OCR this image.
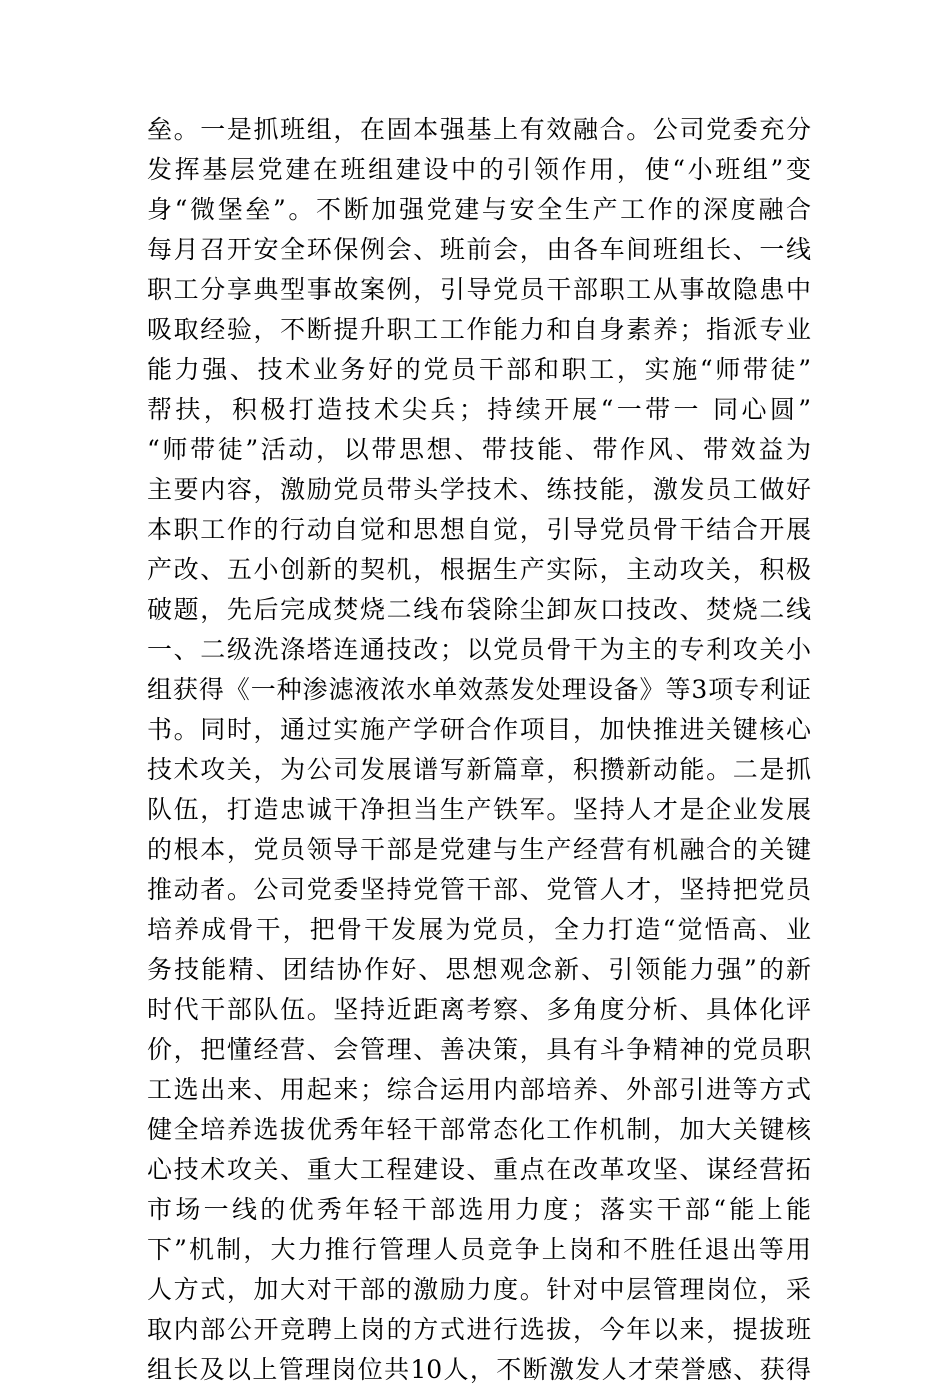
垒。一是抓班组，在固本强基上有效融合。公司党委充分
发挥基层党建在班组建设中的引领作用，使“小班组”变
身“微堡垒”。不断加强党建与安全生产工作的深度融合
每月召开安全环保例会、班前会，由各车间班组长、一线
职工分享典型事故案例，引导党员干部职工从事故隐患中
吸取经验，不断提升职工工作能力和自身素养；指派专业
能力强、技术业务好的党员干部和职工，实施“师带徒”
帮扶，积极打造技术尖兵；持续开展“一带一 同心圆”
“师带徒”活动，以带思想、带技能、带作风、带效益为
主要内容，激励党员带头学技术、练技能，激发员工做好
本职工作的行动自觉和思想自觉，引导党员骨干结合开展
产改、五小创新的契机，根据生产实际，主动攻关，积极
破题，先后完成焚烧二线布袋除尘卸灰口技改、焚烧二线
一、二级洗涤塔连通技改；以党员骨干为主的专利攻关小
组获得《一种渗滤液浓水单效蒸发处理设备》等3项专利证
书。同时，通过实施产学研合作项目，加快推进关键核心
技术攻关，为公司发展谱写新篇章，积攒新动能。二是抓
队伍，打造忠诚干净担当生产铁军。坚持人才是企业发展
的根本，党员领导干部是党建与生产经营有机融合的关键
推动者。公司党委坚持党管干部、党管人才，坚持把党员
培养成骨干，把骨干发展为党员，全力打造“觉悟高、业
务技能精、团结协作好、思想观念新、引领能力强”的新
时代干部队伍。坚持近距离考察、多角度分析、具体化评
价，把懂经营、会管理、善决策，具有斗争精神的党员职
工选出来、用起来；综合运用内部培养、外部引进等方式
健全培养选拔优秀年轻干部常态化工作机制，加大关键核
心技术攻关、重大工程建设、重点在改革攻坚、谋经营拓
市场一线的优秀年轻干部选用力度；落实干部“能上能
下”机制，大力推行管理人员竞争上岗和不胜任退出等用
人方式，加大对干部的激励力度。针对中层管理岗位，采
取内部公开竞聘上岗的方式进行选拔，今年以来，提拔班
组长及以上管理岗位共10人，不断激发人才荣誉感、获得
